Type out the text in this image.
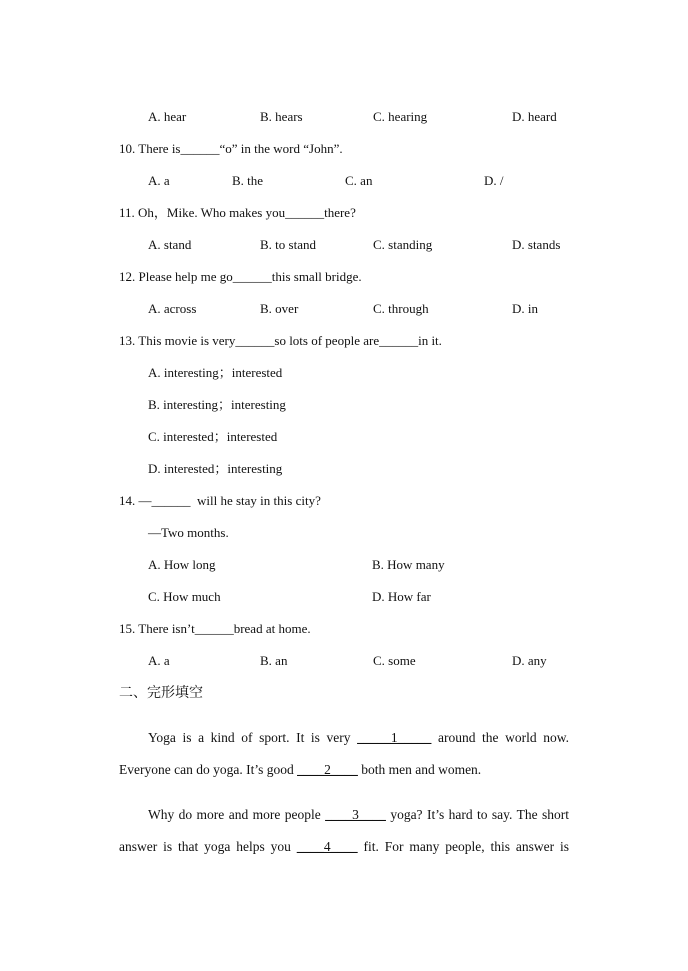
A. hear	B. hears	C. hearing	D. heard
10. There is______“o” in the word “John”.
A. a	B. the	C. an	D. /
11. Oh，Mike. Who makes you______there?
A. stand	B. to stand	C. standing	D. stands
12. Please help me go______this small bridge.
A. across	B. over	C. through	D. in
13. This movie is very______so lots of people are______in it.
A. interesting；interested
B. interesting；interesting
C. interested；interested
D. interested；interesting
14. —______  will he stay in this city?
—Two months.
A. How long	B. How many
C. How much	D. How far
15. There isn’t______bread at home.
A. a	B. an	C. some	D. any
二、完形填空
Yoga is a kind of sport. It is very _____1_____ around the world now.
Everyone can do yoga. It’s good ____2____ both men and women.
Why do more and more people ____3____ yoga? It’s hard to say. The short
answer is that yoga helps you ____4____ fit. For many people, this answer is
